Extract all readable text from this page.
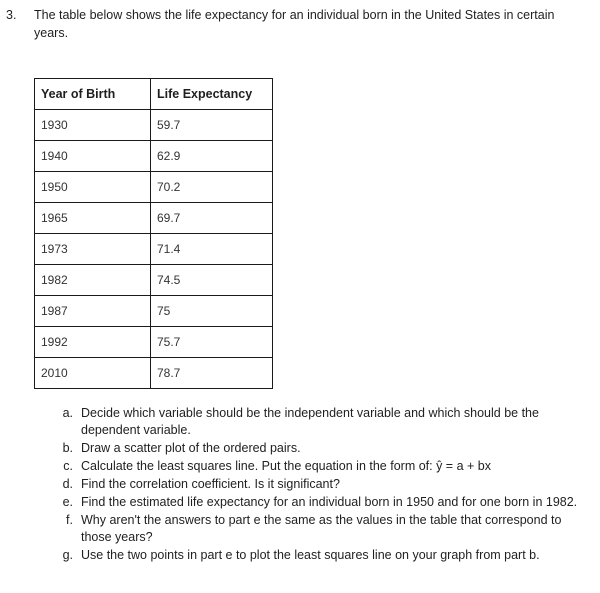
3. The table below shows the life expectancy for an individual born in the United States in certain years.
Year of Birth	Life Expectancy
1930	59.7
1940	62.9
1950	70.2
1965	69.7
1973	71.4
1982	74.5
1987	75
1992	75.7
2010	78.7
a. Decide which variable should be the independent variable and which should be the dependent variable.
b. Draw a scatter plot of the ordered pairs.
c. Calculate the least squares line. Put the equation in the form of: ŷ = a + bx
d. Find the correlation coefficient. Is it significant?
e. Find the estimated life expectancy for an individual born in 1950 and for one born in 1982.
f. Why aren't the answers to part e the same as the values in the table that correspond to those years?
g. Use the two points in part e to plot the least squares line on your graph from part b.
